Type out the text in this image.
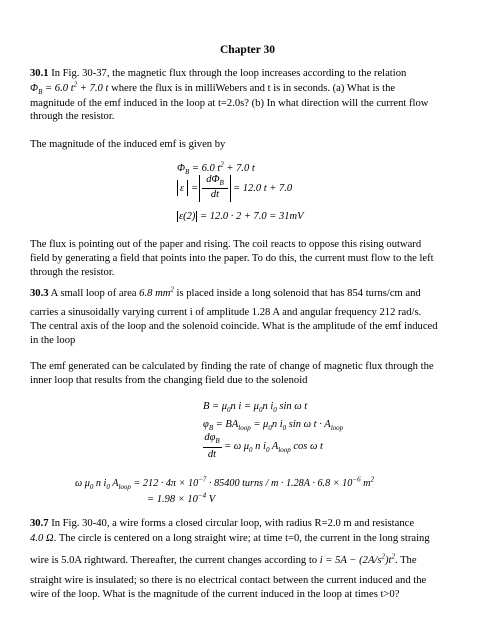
Chapter 30
30.1 In Fig. 30-37, the magnetic flux through the loop increases according to the relation
$\Phi_B = 6.0$ $t^2 + 7.0$ t where the flux is in milliWebers and t is in seconds. (a) What is the
magnitude of the emf induced in the loop at t=2.0s? (b) In what direction will the current flow
through the resistor.
The magnitude of the induced emf is given by
$\Phi_B = 6.0$ $t^2 + 7.0$ t
ε =
$d\Phi_B$
dt
= 12.0 t + 7.0
ε(2) = 12.0 · 2 + 7.0 = 31mV
The flux is pointing out of the paper and rising. The coil reacts to oppose this rising outward
field by generating a field that points into the paper. To do this, the current must flow to the left
through the resistor.
30.3 A small loop of area 6.8 $mm^2$ is placed inside a long solenoid that has 854 turns/cm and
carries a sinusoidally varying current i of amplitude 1.28 A and angular frequency 212 rad/s.
The central axis of the loop and the solenoid coincide. What is the amplitude of the emf induced
in the loop
The emf generated can be calculated by finding the rate of change of magnetic flux through the
inner loop that results from the changing field due to the solenoid
$B = \mu_0n$ $i = \mu_0n$ $i_0$ sin ω t
$\varphi_B = BA_{loop} = \mu_0n$ $i_0$ sin ω $t \cdot A_{loop}$
$d\varphi_B$
dt
= ω $\mu_0$ n $i_0$ $A_{loop}$ cos ω t
ω $\mu_0$ n $i_0$ $A_{loop} = 212 \cdot 4\pi \times 10^{-7} \cdot 85400$ turns / $m \cdot 1.28A \cdot 6.8 \times 10^{-6}$ $m^2$
= $1.98 \times 10^{-4}$ V
30.7 In Fig. 30-40, a wire forms a closed circular loop, with radius R=2.0 m and resistance
4.0 Ω. The circle is centered on a long straight wire; at time t=0, the current in the long straing
wire is 5.0A rightward. Thereafter, the current changes according to $i = 5A - (2A/s^2)t^2$. The
straight wire is insulated; so there is no electrical contact between the current induced and the
wire of the loop. What is the magnitude of the current induced in the loop at times t>0?
